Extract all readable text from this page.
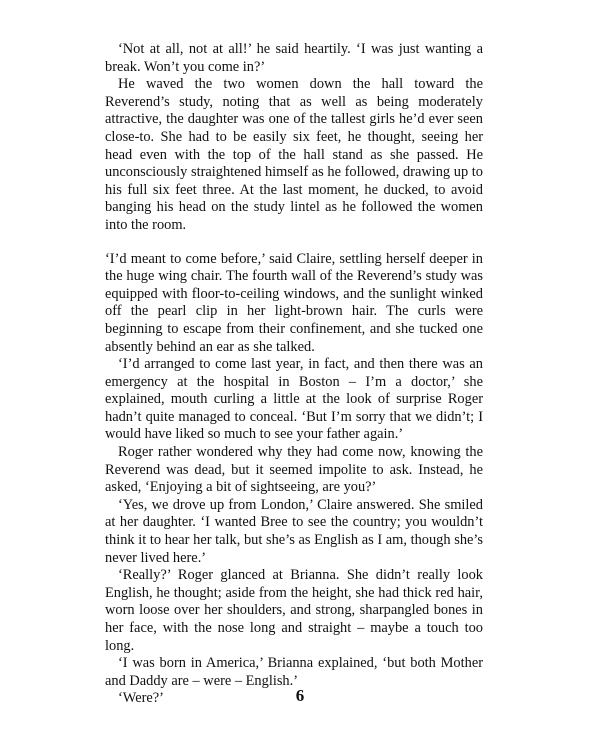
‘Not at all, not at all!’ he said heartily. ‘I was just wanting a break. Won’t you come in?’

He waved the two women down the hall toward the Reverend’s study, noting that as well as being moderately attractive, the daughter was one of the tallest girls he’d ever seen close-to. She had to be easily six feet, he thought, seeing her head even with the top of the hall stand as she passed. He unconsciously straightened himself as he followed, drawing up to his full six feet three. At the last moment, he ducked, to avoid banging his head on the study lintel as he followed the women into the room.

‘I’d meant to come before,’ said Claire, settling herself deeper in the huge wing chair. The fourth wall of the Reverend’s study was equipped with floor-to-ceiling windows, and the sunlight winked off the pearl clip in her light-brown hair. The curls were beginning to escape from their confinement, and she tucked one absently behind an ear as she talked.

‘I’d arranged to come last year, in fact, and then there was an emergency at the hospital in Boston – I’m a doctor,’ she explained, mouth curling a little at the look of surprise Roger hadn’t quite managed to conceal. ‘But I’m sorry that we didn’t; I would have liked so much to see your father again.’

Roger rather wondered why they had come now, knowing the Reverend was dead, but it seemed impolite to ask. Instead, he asked, ‘Enjoying a bit of sightseeing, are you?’

‘Yes, we drove up from London,’ Claire answered. She smiled at her daughter. ‘I wanted Bree to see the country; you wouldn’t think it to hear her talk, but she’s as English as I am, though she’s never lived here.’

‘Really?’ Roger glanced at Brianna. She didn’t really look English, he thought; aside from the height, she had thick red hair, worn loose over her shoulders, and strong, sharpangled bones in her face, with the nose long and straight – maybe a touch too long.

‘I was born in America,’ Brianna explained, ‘but both Mother and Daddy are – were – English.’

‘Were?’	6
